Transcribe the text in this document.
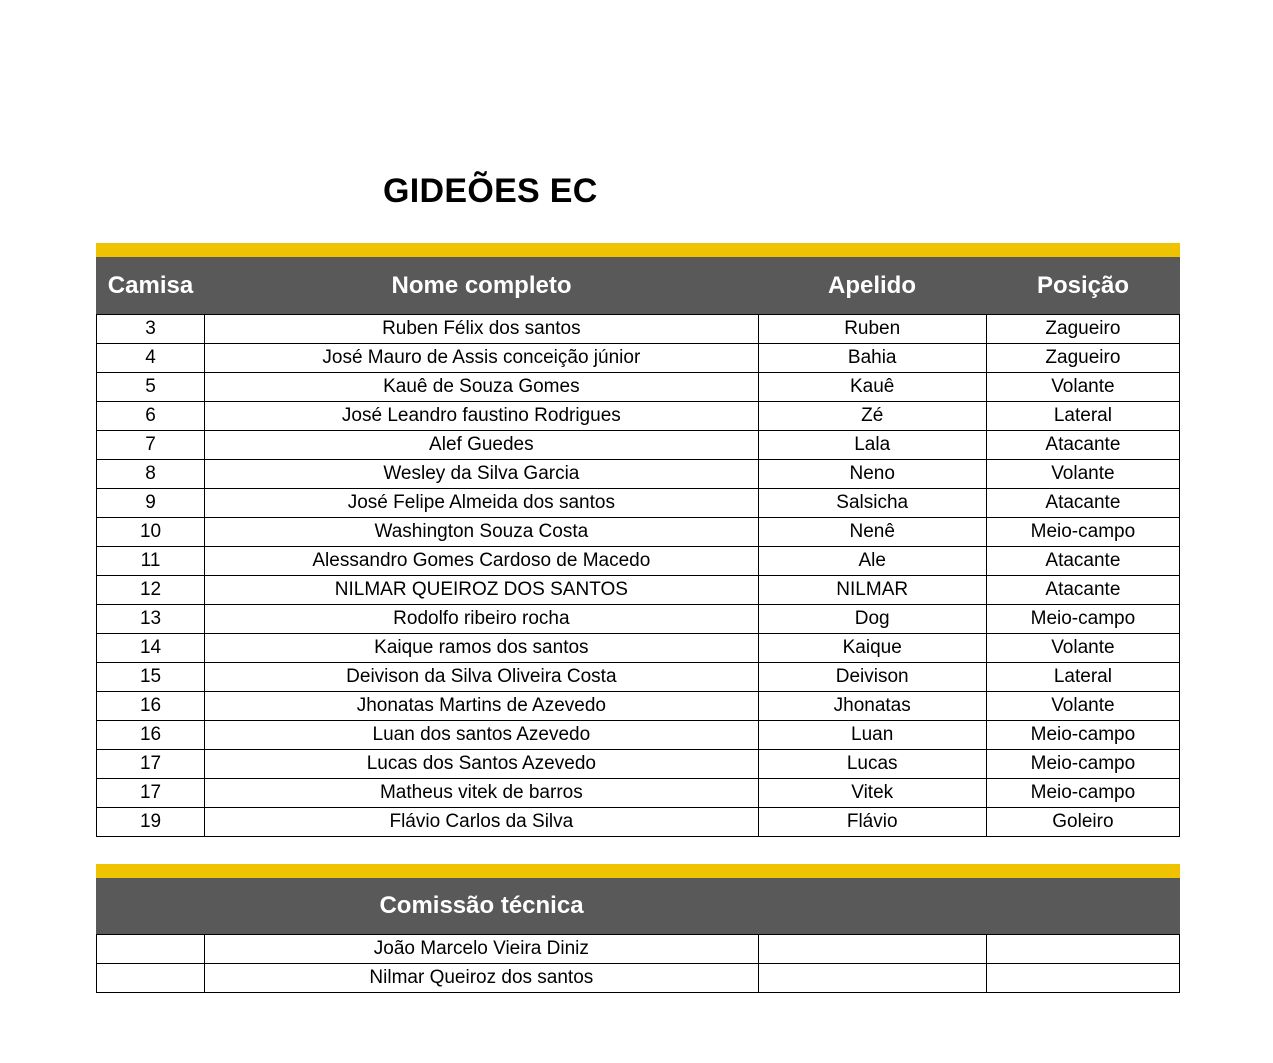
GIDEÕES EC
Camisa	Nome completo	Apelido	Posição
3	Ruben Félix dos santos	Ruben	Zagueiro
4	José Mauro de Assis conceição júnior	Bahia	Zagueiro
5	Kauê de Souza Gomes	Kauê	Volante
6	José Leandro faustino Rodrigues	Zé	Lateral
7	Alef Guedes	Lala	Atacante
8	Wesley da Silva Garcia	Neno	Volante
9	José Felipe Almeida dos santos	Salsicha	Atacante
10	Washington Souza Costa	Nenê	Meio-campo
11	Alessandro Gomes Cardoso de Macedo	Ale	Atacante
12	NILMAR QUEIROZ DOS SANTOS	NILMAR	Atacante
13	Rodolfo ribeiro rocha	Dog	Meio-campo
14	Kaique ramos dos santos	Kaique	Volante
15	Deivison da Silva Oliveira Costa	Deivison	Lateral
16	Jhonatas Martins de Azevedo	Jhonatas	Volante
16	Luan dos santos Azevedo	Luan	Meio-campo
17	Lucas dos Santos Azevedo	Lucas	Meio-campo
17	Matheus vitek de barros	Vitek	Meio-campo
19	Flávio Carlos da Silva	Flávio	Goleiro
Comissão técnica
	João Marcelo Vieira Diniz		
	Nilmar Queiroz dos santos		
